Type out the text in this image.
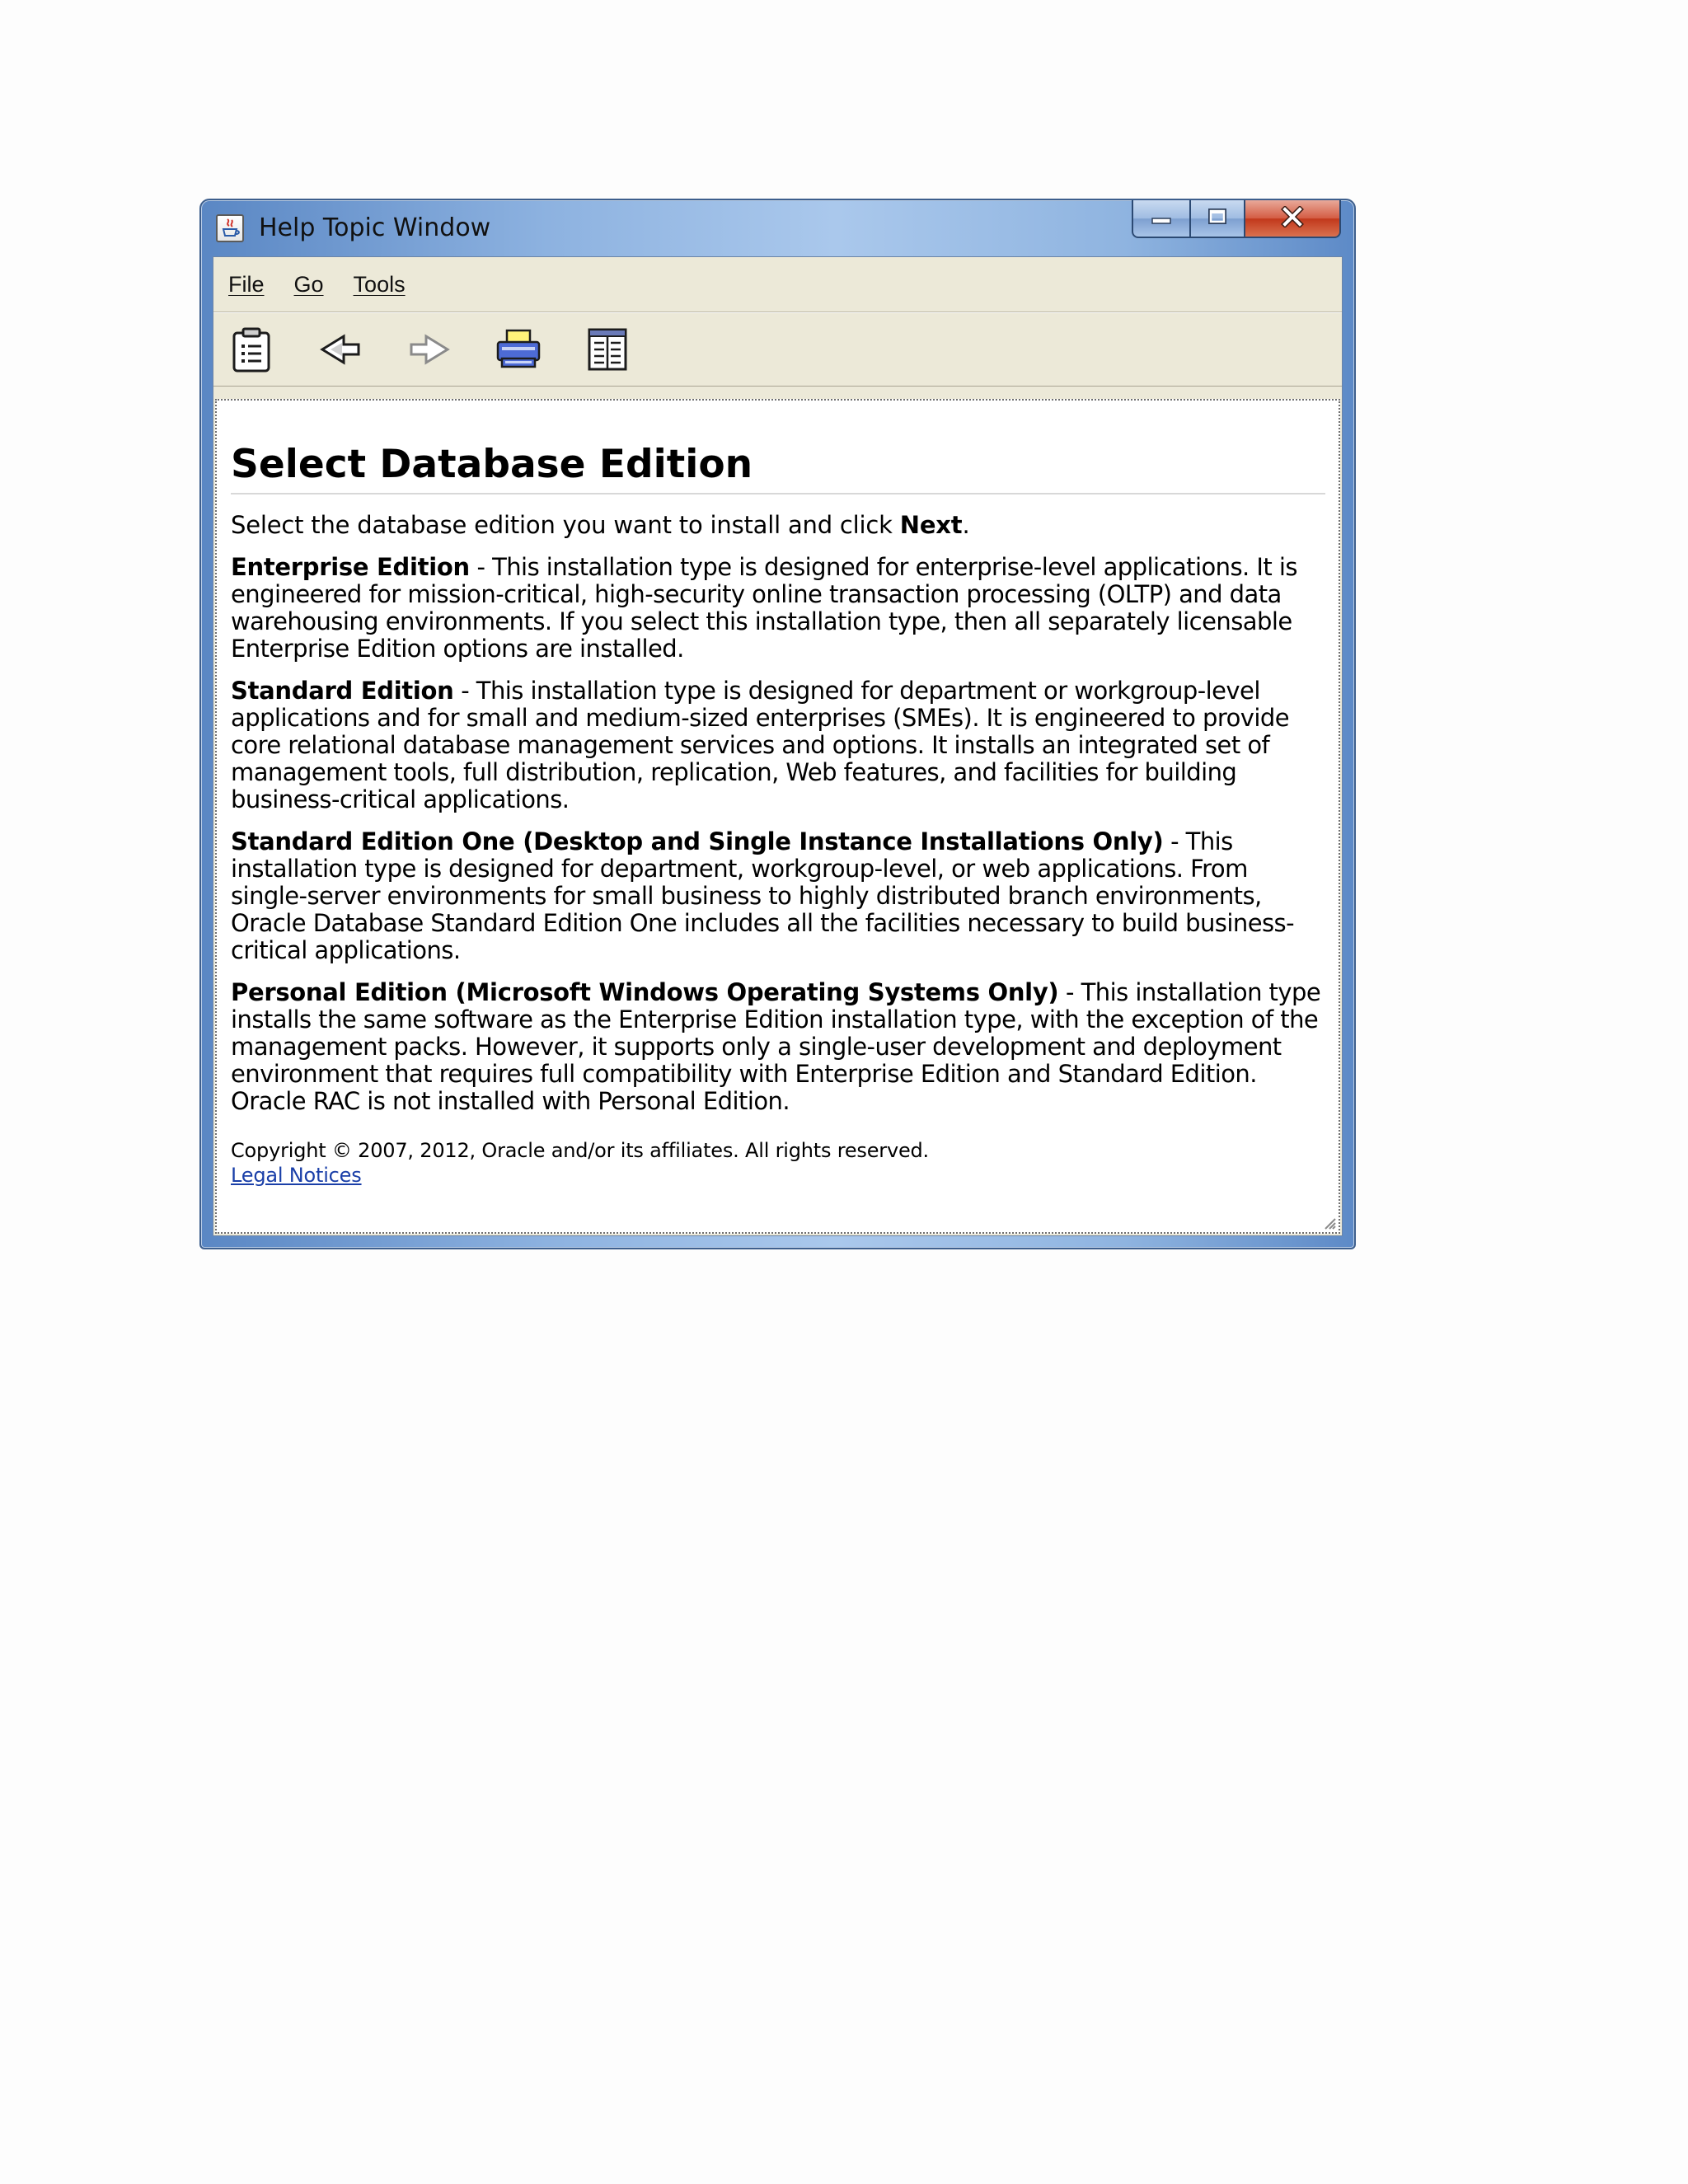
Help Topic Window
File Go Tools
Select Database Edition

Select the database edition you want to install and click Next.

Enterprise Edition - This installation type is designed for enterprise-level applications. It is engineered for mission-critical, high-security online transaction processing (OLTP) and data warehousing environments. If you select this installation type, then all separately licensable Enterprise Edition options are installed.

Standard Edition - This installation type is designed for department or workgroup-level applications and for small and medium-sized enterprises (SMEs). It is engineered to provide core relational database management services and options. It installs an integrated set of management tools, full distribution, replication, Web features, and facilities for building business-critical applications.

Standard Edition One (Desktop and Single Instance Installations Only) - This installation type is designed for department, workgroup-level, or web applications. From single-server environments for small business to highly distributed branch environments, Oracle Database Standard Edition One includes all the facilities necessary to build business-critical applications.

Personal Edition (Microsoft Windows Operating Systems Only) - This installation type installs the same software as the Enterprise Edition installation type, with the exception of the management packs. However, it supports only a single-user development and deployment environment that requires full compatibility with Enterprise Edition and Standard Edition. Oracle RAC is not installed with Personal Edition.

Copyright © 2007, 2012, Oracle and/or its affiliates. All rights reserved.
Legal Notices
